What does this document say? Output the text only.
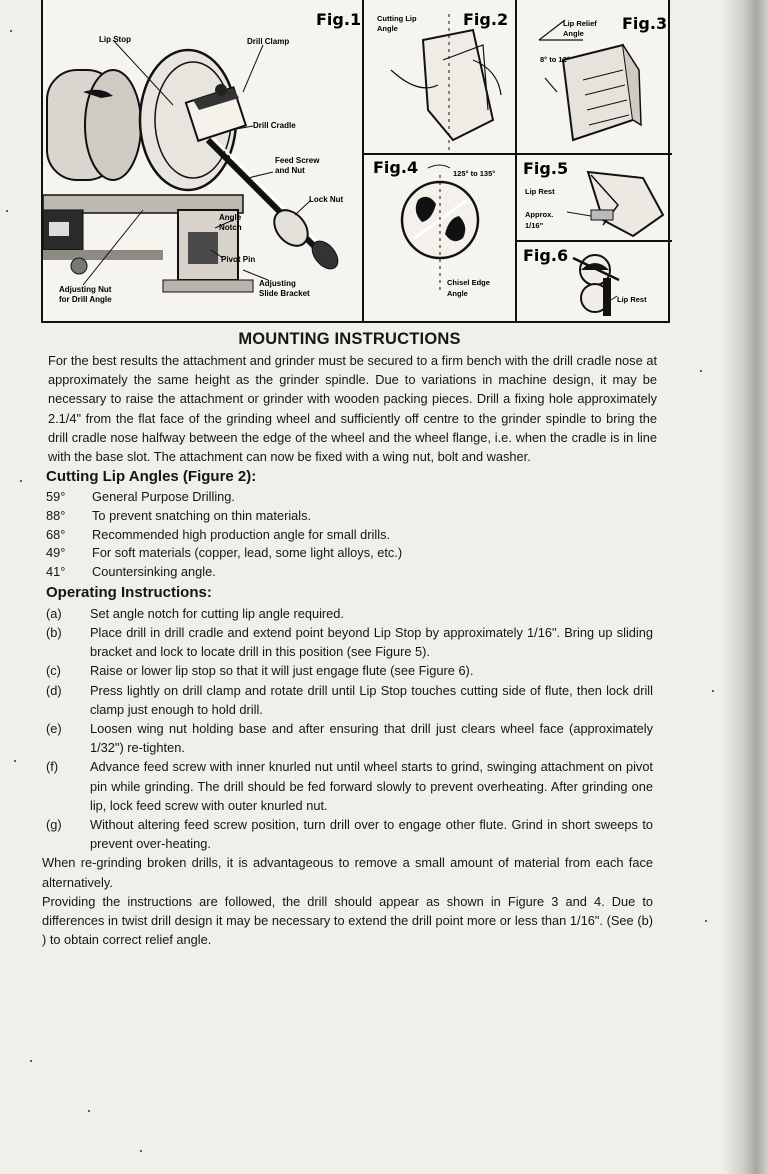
Fig.1	Fig.2	Fig.3
Fig.4	Fig.5
Fig.6
Lip Stop	Drill Clamp
Drill Cradle
Feed Screw
and Nut
Lock Nut
Angle
Notch
Pivot Pin
Adjusting
Slide Bracket
Adjusting Nut
for Drill Angle
Cutting Lip
Angle
Lip Relief
Angle
8° to 12°
125° to 135°
Chisel Edge
Angle
Lip Rest
Approx.
1/16"
Lip Rest
MOUNTING INSTRUCTIONS

For the best results the attachment and grinder must be secured to a firm bench with the drill cradle nose at approximately the same height as the grinder spindle. Due to variations in machine design, it may be necessary to raise the attachment or grinder with wooden packing pieces. Drill a fixing hole approximately 2.1/4" from the flat face of the grinding wheel and sufficiently off centre to the grinder spindle to bring the drill cradle nose halfway between the edge of the wheel and the wheel flange, i.e. when the cradle is in line with the base slot. The attachment can now be fixed with a wing nut, bolt and washer.

Cutting Lip Angles (Figure 2):
59°	General Purpose Drilling.
88°	To prevent snatching on thin materials.
68°	Recommended high production angle for small drills.
49°	For soft materials (copper, lead, some light alloys, etc.)
41°	Countersinking angle.
Operating Instructions:
(a)	Set angle notch for cutting lip angle required.
(b)	Place drill in drill cradle and extend point beyond Lip Stop by approximately 1/16". Bring up sliding bracket and lock to locate drill in this position (see Figure 5).
(c)	Raise or lower lip stop so that it will just engage flute (see Figure 6).
(d)	Press lightly on drill clamp and rotate drill until Lip Stop touches cutting side of flute, then lock drill clamp just enough to hold drill.
(e)	Loosen wing nut holding base and after ensuring that drill just clears wheel face (approximately 1/32") re-tighten.
(f)	Advance feed screw with inner knurled nut until wheel starts to grind, swinging attachment on pivot pin while grinding. The drill should be fed forward slowly to prevent overheating. After grinding one lip, lock feed screw with outer knurled nut.
(g)	Without altering feed screw position, turn drill over to engage other flute. Grind in short sweeps to prevent over-heating.

When re-grinding broken drills, it is advantageous to remove a small amount of material from each face alternatively.

Providing the instructions are followed, the drill should appear as shown in Figure 3 and 4. Due to differences in twist drill design it may be necessary to extend the drill point more or less than 1/16". (See (b) ) to obtain correct relief angle.
